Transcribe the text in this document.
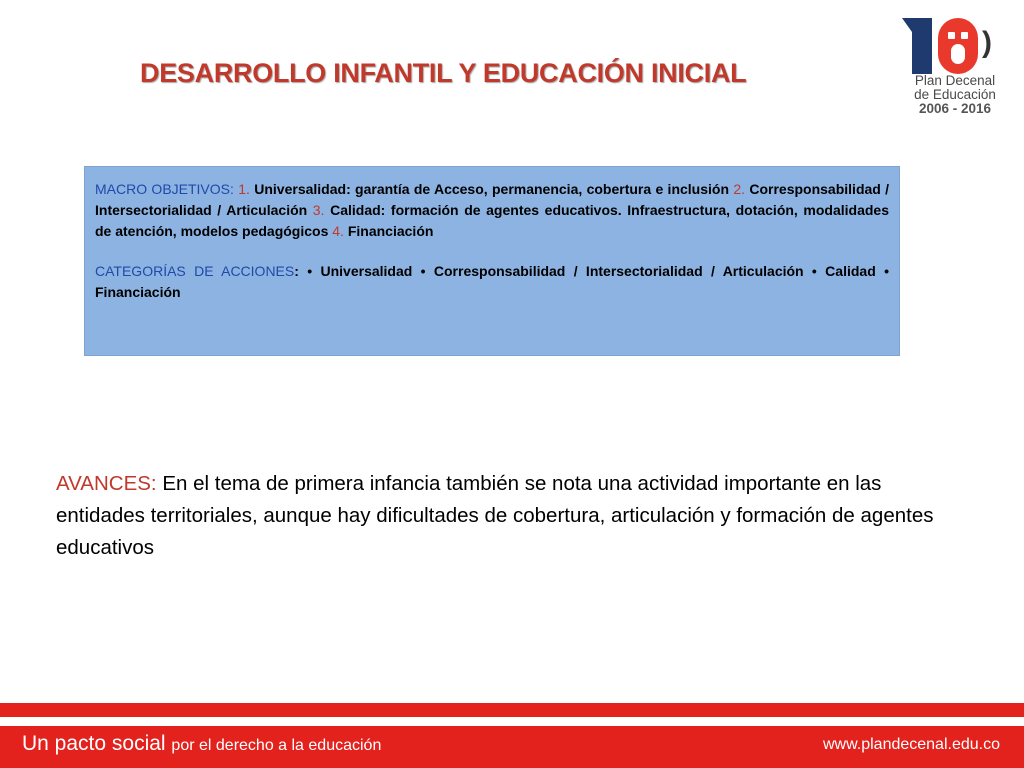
DESARROLLO INFANTIL Y EDUCACIÓN INICIAL
)
Plan Decenal
de Educación
2006 - 2016

MACRO OBJETIVOS: 1. Universalidad: garantía de Acceso, permanencia, cobertura e inclusión 2. Corresponsabilidad / Intersectorialidad / Articulación 3. Calidad: formación de agentes educativos. Infraestructura, dotación, modalidades de atención, modelos pedagógicos 4. Financiación

CATEGORÍAS DE ACCIONES: • Universalidad • Corresponsabilidad / Intersectorialidad / Articulación • Calidad • Financiación

AVANCES: En el tema de primera infancia también se nota una actividad importante en las entidades territoriales, aunque hay dificultades de cobertura, articulación y formación de agentes educativos
Un pacto social por el derecho a la educación	www.plandecenal.edu.co
